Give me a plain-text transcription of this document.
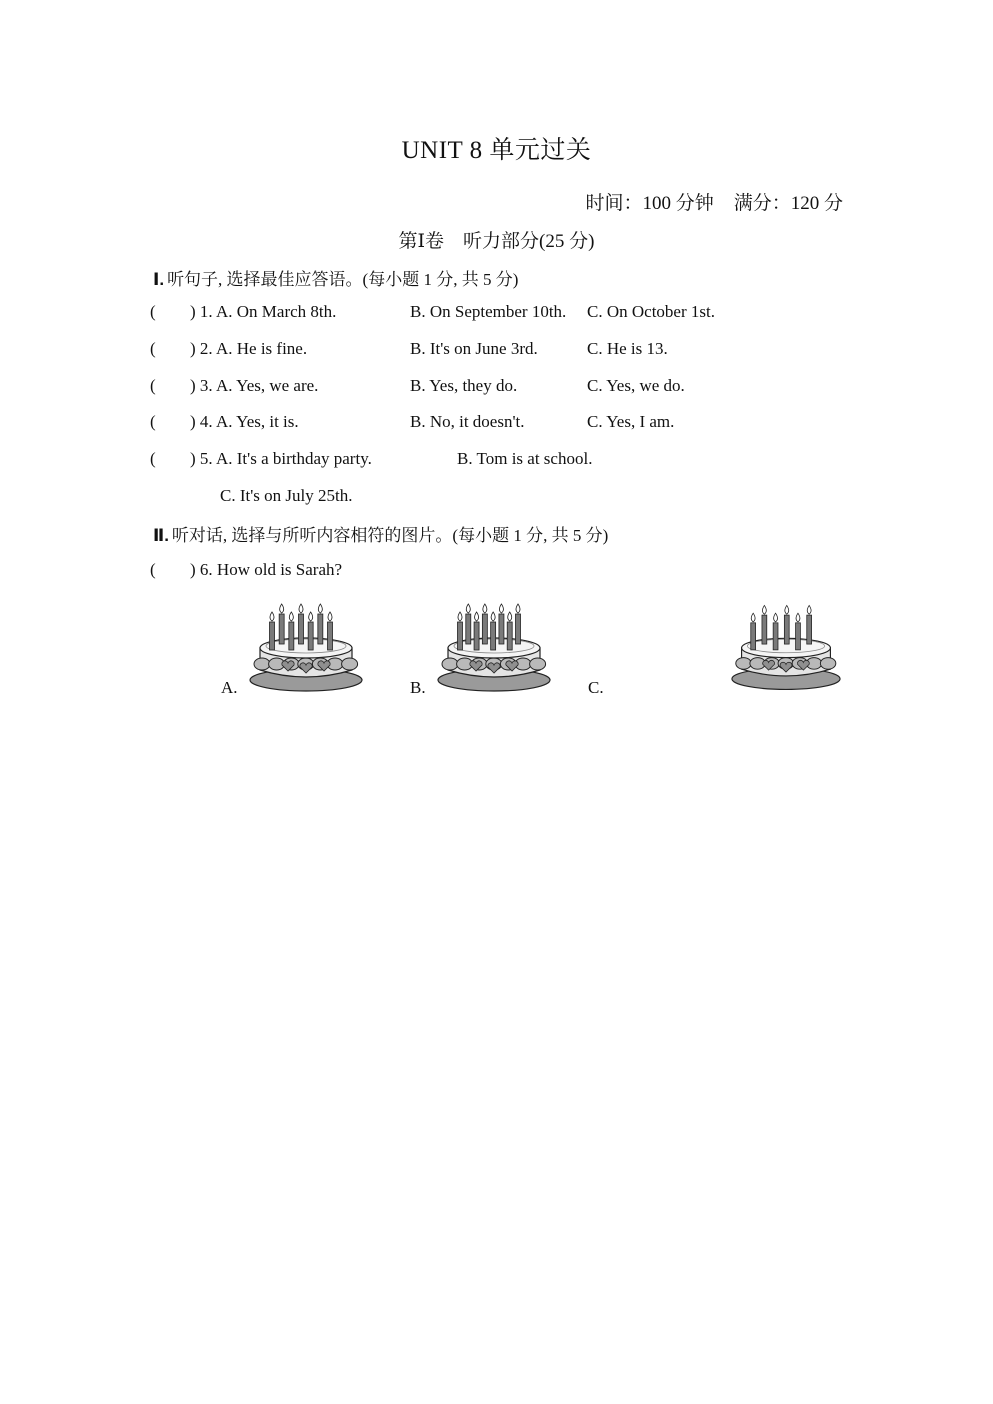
UNIT 8 单元过关
时间：100 分钟 满分：120 分
第Ⅰ卷　听力部分(25 分)
Ⅰ. 听句子, 选择最佳应答语。(每小题 1 分, 共 5 分)
( ) 1. A. On March 8th.	B. On September 10th. C. On October 1st.
( ) 2. A. He is fine.	B. It's on June 3rd.	C. He is 13.
( ) 3. A. Yes, we are.	B. Yes, they do.	C. Yes, we do.
( ) 4. A. Yes, it is.	B. No, it doesn't.	C. Yes, I am.
( ) 5. A. It's a birthday party.	B. Tom is at school.
C. It's on July 25th.
Ⅱ. 听对话, 选择与所听内容相符的图片。(每小题 1 分, 共 5 分)
( ) 6. How old is Sarah?
A.	B.	C.
